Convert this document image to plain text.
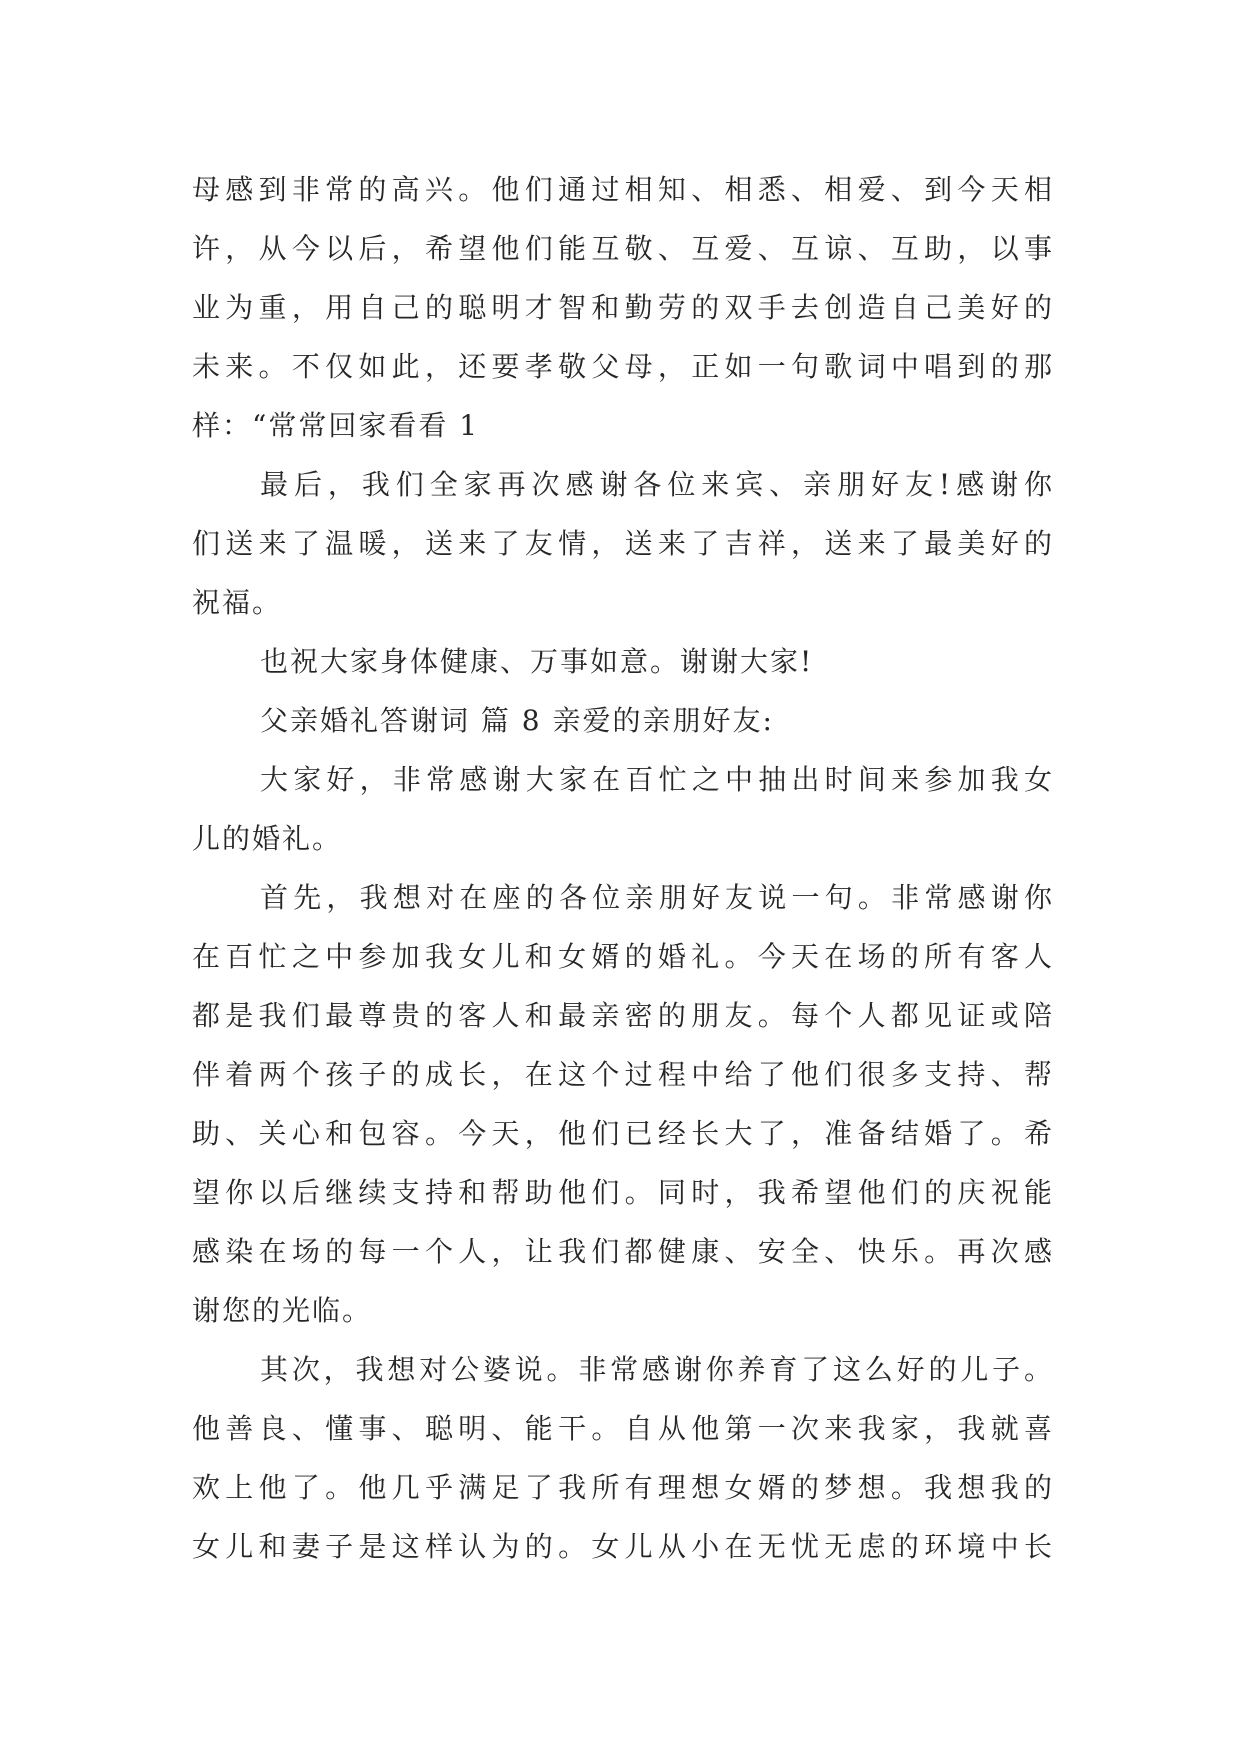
母感到非常的高兴。他们通过相知、相悉、相爱、到今天相
许，从今以后，希望他们能互敬、互爱、互谅、互助，以事
业为重，用自己的聪明才智和勤劳的双手去创造自己美好的
未来。不仅如此，还要孝敬父母，正如一句歌词中唱到的那
样：“常常回家看看 1
最后，我们全家再次感谢各位来宾、亲朋好友!感谢你
们送来了温暖，送来了友情，送来了吉祥，送来了最美好的
祝福。
也祝大家身体健康、万事如意。谢谢大家!
父亲婚礼答谢词 篇 8 亲爱的亲朋好友:
大家好，非常感谢大家在百忙之中抽出时间来参加我女
儿的婚礼。
首先，我想对在座的各位亲朋好友说一句。非常感谢你
在百忙之中参加我女儿和女婿的婚礼。今天在场的所有客人
都是我们最尊贵的客人和最亲密的朋友。每个人都见证或陪
伴着两个孩子的成长，在这个过程中给了他们很多支持、帮
助、关心和包容。今天，他们已经长大了，准备结婚了。希
望你以后继续支持和帮助他们。同时，我希望他们的庆祝能
感染在场的每一个人，让我们都健康、安全、快乐。再次感
谢您的光临。
其次，我想对公婆说。非常感谢你养育了这么好的儿子。
他善良、懂事、聪明、能干。自从他第一次来我家，我就喜
欢上他了。他几乎满足了我所有理想女婿的梦想。我想我的
女儿和妻子是这样认为的。女儿从小在无忧无虑的环境中长
